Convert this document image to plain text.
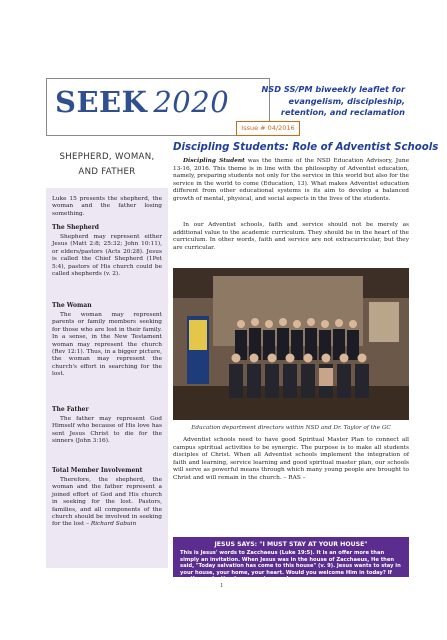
SEEK 2020
Issue # 04/2016
NSD SS/PM biweekly leaflet for
evangelism, discipleship,
retention, and reclamation
SHEPHERD, WOMAN,
AND FATHER
Luke 15 presents the shepherd, the woman and the father losing something.
The Shepherd
Shepherd may represent either Jesus (Matt 2:8; 25:32; John 10:11), or elders/pastors (Acts 20:28). Jesus is called the Chief Shepherd (1Pet 5:4), pastors of His church could be called shepherds (v. 2).
The Woman
The woman may represent parents or family members seeking for those who are lost in their family. In a sense, in the New Testament woman may represent the church (Rev 12:1). Thus, in a bigger picture, the woman may represent the church's effort in searching for the lost.
The Father
The father may represent God Himself who because of His love has sent Jesus Christ to die for the sinners (John 3:16).
Total Member Involvement
Therefore, the shepherd, the woman and the father represent a joined effort of God and His church in seeking for the lost. Pastors, families, and all components of the church should be involved in seeking for the lost – Richard Sabuin
Discipling Students: Role of Adventist Schools
Discipling Student was the theme of the NSD Education Advisory, June 13-16, 2016. This theme is in line with the philosophy of Adventist education, namely, preparing students not only for the service in this world but also for the service in the world to come (Education, 13). What makes Adventist education different from other educational systems is its aim to develop a balanced growth of mental, physical, and social aspects in the lives of the students.
In our Adventist schools, faith and service should not be merely as additional value to the academic curriculum. They should be in the heart of the curriculum. In other words, faith and service are not extracurricular, but they are curricular.
Education department directors within NSD and Dr. Taylor of the GC
Adventist schools need to have good Spiritual Master Plan to connect all campus spiritual activities to be synergic. The purpose is to make all students disciples of Christ. When all Adventist schools implement the integration of faith and learning, service learning and good spiritual master plan, our schools will serve as powerful means through which many young people are brought to Christ and will remain in the church. – RAS –
JESUS SAYS: "I MUST STAY AT YOUR HOUSE"
This is Jesus' words to Zacchaeus (Luke 19:5). It is an offer more than simply an invitation. When Jesus was in the house of Zacchaeus, He then said, "Today salvation has come to this house" (v. 9). Jesus wants to stay in your house, your home, your heart. Would you welcome Him in today? If so, then salvation has come to your house.
1
